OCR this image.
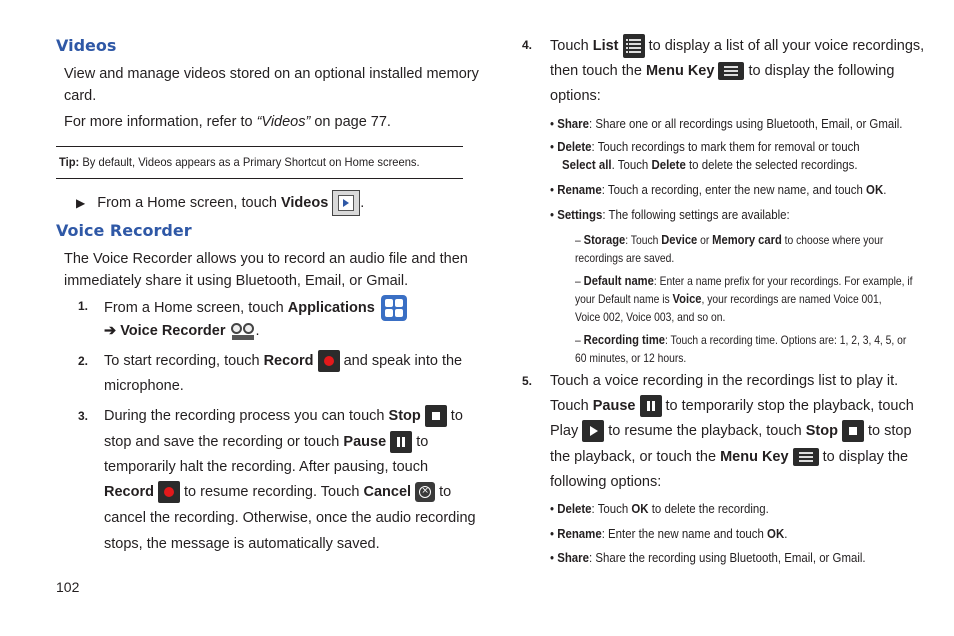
Videos

View and manage videos stored on an optional installed memory

card.

For more information, refer to “Videos” on page 77.

Tip: By default, Videos appears as a Primary Shortcut on Home screens.

▶ From a Home screen, touch Videos .

Voice Recorder

The Voice Recorder allows you to record an audio file and then

immediately share it using Bluetooth, Email, or Gmail.

1. From a Home screen, touch Applications

➔ Voice Recorder .

2. To start recording, touch Record
and speak into the

microphone.

3. During the recording process you can touch Stop
to

stop and save the recording or touch Pause
to

temporarily halt the recording. After pausing, touch

Record
to resume recording. Touch Cancel × to

cancel the recording. Otherwise, once the audio recording

stops, the message is automatically saved.

4. Touch List
to display a list of all your voice recordings,

then touch the Menu Key
to display the following

options:

• Share: Share one or all recordings using Bluetooth, Email, or Gmail.

• Delete: Touch recordings to mark them for removal or touch

Select all. Touch Delete to delete the selected recordings.

• Rename: Touch a recording, enter the new name, and touch OK.

• Settings: The following settings are available:

– Storage: Touch Device or Memory card to choose where your

recordings are saved.

– Default name: Enter a name prefix for your recordings. For example, if

your Default name is Voice, your recordings are named Voice 001,

Voice 002, Voice 003, and so on.

– Recording time: Touch a recording time. Options are: 1, 2, 3, 4, 5, or

60 minutes, or 12 hours.

5. Touch a voice recording in the recordings list to play it.

Touch Pause
to temporarily stop the playback, touch

Play
to resume the playback, touch Stop
to stop

the playback, or touch the Menu Key
to display the

following options:

• Delete: Touch OK to delete the recording.

• Rename: Enter the new name and touch OK.

• Share: Share the recording using Bluetooth, Email, or Gmail.

102
